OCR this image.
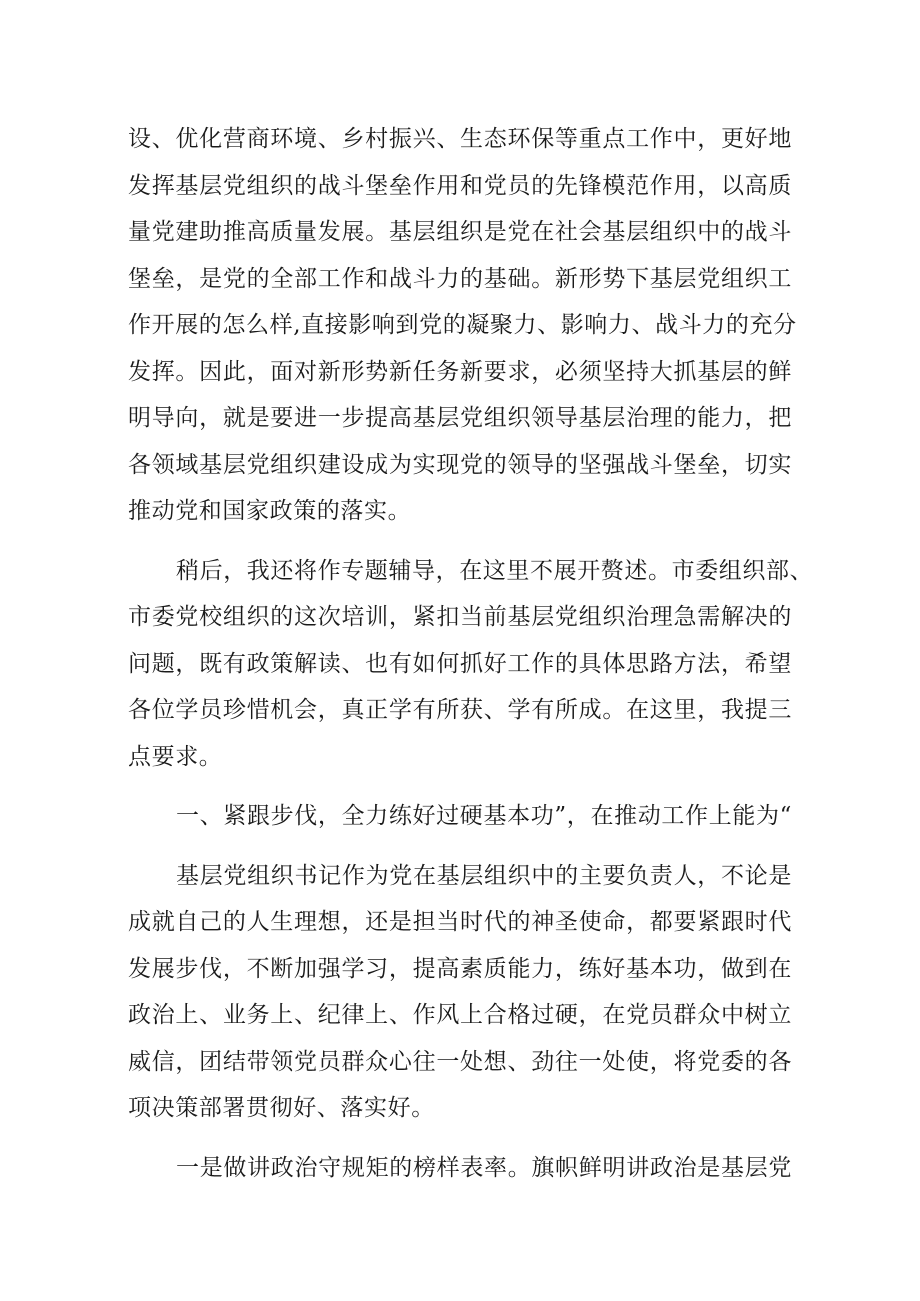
设、优化营商环境、乡村振兴、生态环保等重点工作中，更好地
发挥基层党组织的战斗堡垒作用和党员的先锋模范作用，以高质
量党建助推高质量发展。基层组织是党在社会基层组织中的战斗
堡垒，是党的全部工作和战斗力的基础。新形势下基层党组织工
作开展的怎么样,直接影响到党的凝聚力、影响力、战斗力的充分
发挥。因此，面对新形势新任务新要求，必须坚持大抓基层的鲜
明导向，就是要进一步提高基层党组织领导基层治理的能力，把
各领域基层党组织建设成为实现党的领导的坚强战斗堡垒，切实
推动党和国家政策的落实。
稍后，我还将作专题辅导，在这里不展开赘述。市委组织部、
市委党校组织的这次培训，紧扣当前基层党组织治理急需解决的
问题，既有政策解读、也有如何抓好工作的具体思路方法，希望
各位学员珍惜机会，真正学有所获、学有所成。在这里，我提三
点要求。
一、紧跟步伐，全力练好过硬基本功”，在推动工作上能为“
基层党组织书记作为党在基层组织中的主要负责人，不论是
成就自己的人生理想，还是担当时代的神圣使命，都要紧跟时代
发展步伐，不断加强学习，提高素质能力，练好基本功，做到在
政治上、业务上、纪律上、作风上合格过硬，在党员群众中树立
威信，团结带领党员群众心往一处想、劲往一处使，将党委的各
项决策部署贯彻好、落实好。
一是做讲政治守规矩的榜样表率。旗帜鲜明讲政治是基层党
